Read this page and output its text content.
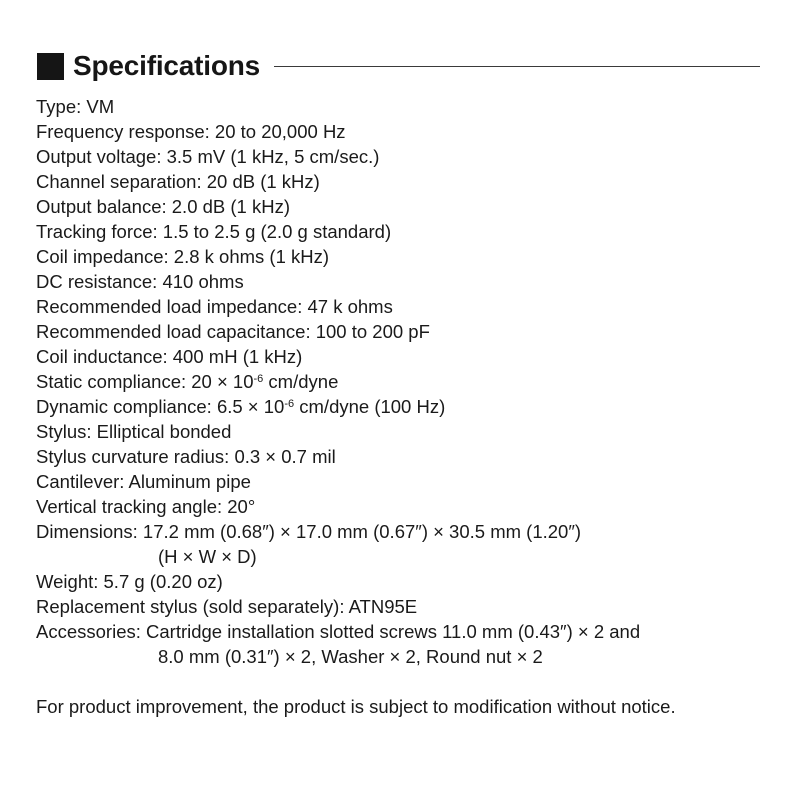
Specifications
Type: VM
Frequency response: 20 to 20,000 Hz
Output voltage: 3.5 mV (1 kHz, 5 cm/sec.)
Channel separation: 20 dB (1 kHz)
Output balance: 2.0 dB (1 kHz)
Tracking force: 1.5 to 2.5 g (2.0 g standard)
Coil impedance: 2.8 k ohms (1 kHz)
DC resistance: 410 ohms
Recommended load impedance: 47 k ohms
Recommended load capacitance: 100 to 200 pF
Coil inductance: 400 mH (1 kHz)
Static compliance: $20 \times 10^{-6}$ cm/dyne
Dynamic compliance: $6.5 \times 10^{-6}$ cm/dyne (100 Hz)
Stylus: Elliptical bonded
Stylus curvature radius: 0.3 × 0.7 mil
Cantilever: Aluminum pipe
Vertical tracking angle: 20°
Dimensions: 17.2 mm (0.68″) × 17.0 mm (0.67″) × 30.5 mm (1.20″)
(H × W × D)
Weight: 5.7 g (0.20 oz)
Replacement stylus (sold separately): ATN95E
Accessories: Cartridge installation slotted screws 11.0 mm (0.43″) × 2 and
8.0 mm (0.31″) × 2, Washer × 2, Round nut × 2
For product improvement, the product is subject to modification without notice.
